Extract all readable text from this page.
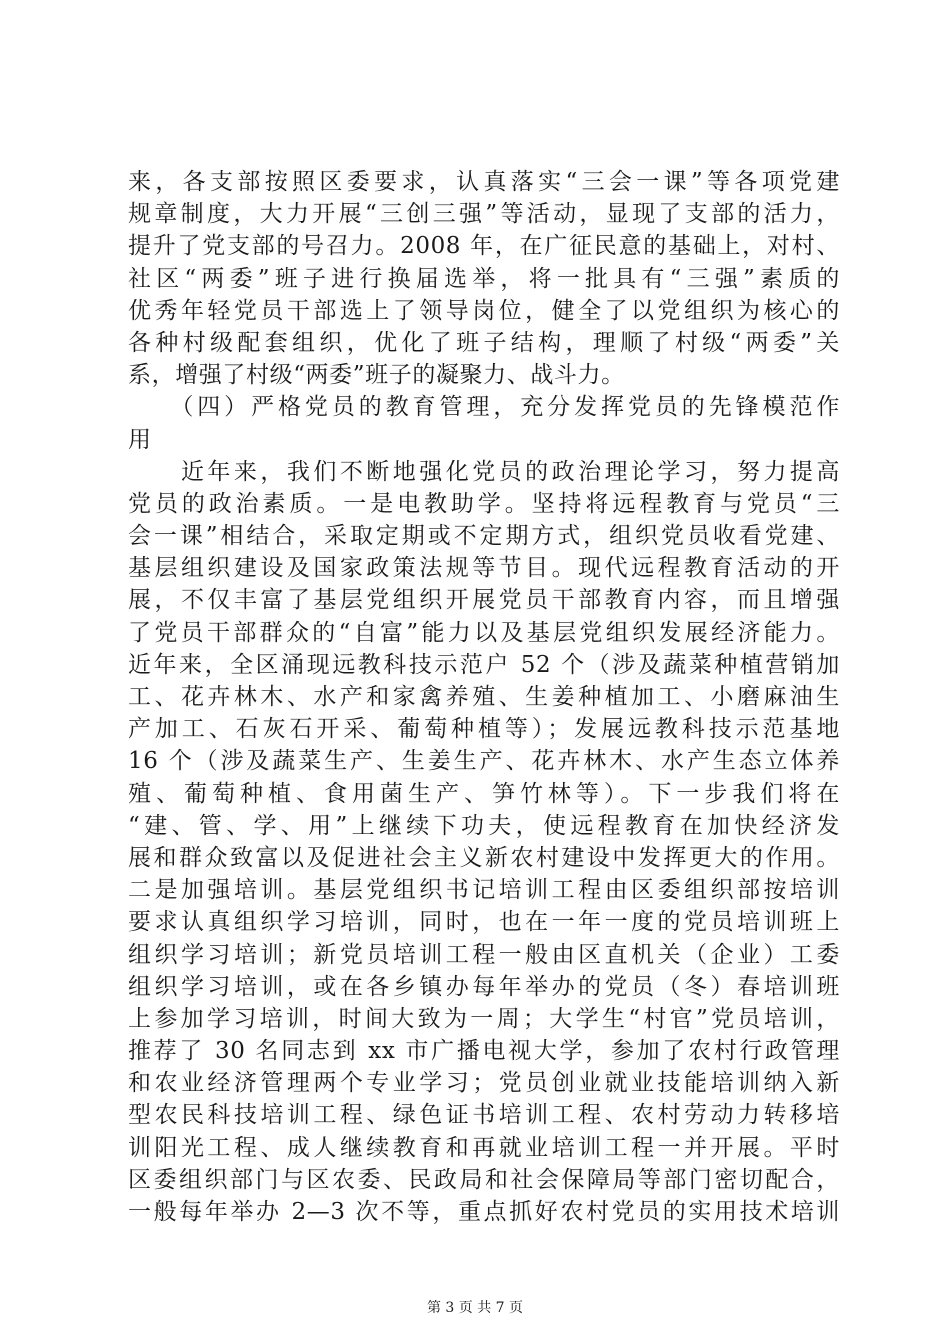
来，各支部按照区委要求，认真落实“三会一课”等各项党建
规章制度，大力开展“三创三强”等活动，显现了支部的活力，
提升了党支部的号召力。2008 年，在广征民意的基础上，对村、
社区“两委”班子进行换届选举，将一批具有“三强”素质的
优秀年轻党员干部选上了领导岗位，健全了以党组织为核心的
各种村级配套组织，优化了班子结构，理顺了村级“两委”关
系，增强了村级“两委”班子的凝聚力、战斗力。
　　（四）严格党员的教育管理，充分发挥党员的先锋模范作
用
　　近年来，我们不断地强化党员的政治理论学习，努力提高
党员的政治素质。一是电教助学。坚持将远程教育与党员“三
会一课”相结合，采取定期或不定期方式，组织党员收看党建、
基层组织建设及国家政策法规等节目。现代远程教育活动的开
展，不仅丰富了基层党组织开展党员干部教育内容，而且增强
了党员干部群众的“自富”能力以及基层党组织发展经济能力。
近年来，全区涌现远教科技示范户 52 个（涉及蔬菜种植营销加
工、花卉林木、水产和家禽养殖、生姜种植加工、小磨麻油生
产加工、石灰石开采、葡萄种植等）；发展远教科技示范基地
16 个（涉及蔬菜生产、生姜生产、花卉林木、水产生态立体养
殖、葡萄种植、食用菌生产、笋竹林等）。下一步我们将在
“建、管、学、用”上继续下功夫，使远程教育在加快经济发
展和群众致富以及促进社会主义新农村建设中发挥更大的作用。
二是加强培训。基层党组织书记培训工程由区委组织部按培训
要求认真组织学习培训，同时，也在一年一度的党员培训班上
组织学习培训；新党员培训工程一般由区直机关（企业）工委
组织学习培训，或在各乡镇办每年举办的党员（冬）春培训班
上参加学习培训，时间大致为一周；大学生“村官”党员培训，
推荐了 30 名同志到 xx 市广播电视大学，参加了农村行政管理
和农业经济管理两个专业学习；党员创业就业技能培训纳入新
型农民科技培训工程、绿色证书培训工程、农村劳动力转移培
训阳光工程、成人继续教育和再就业培训工程一并开展。平时
区委组织部门与区农委、民政局和社会保障局等部门密切配合，
一般每年举办 2—3 次不等，重点抓好农村党员的实用技术培训
第 3 页 共 7 页
